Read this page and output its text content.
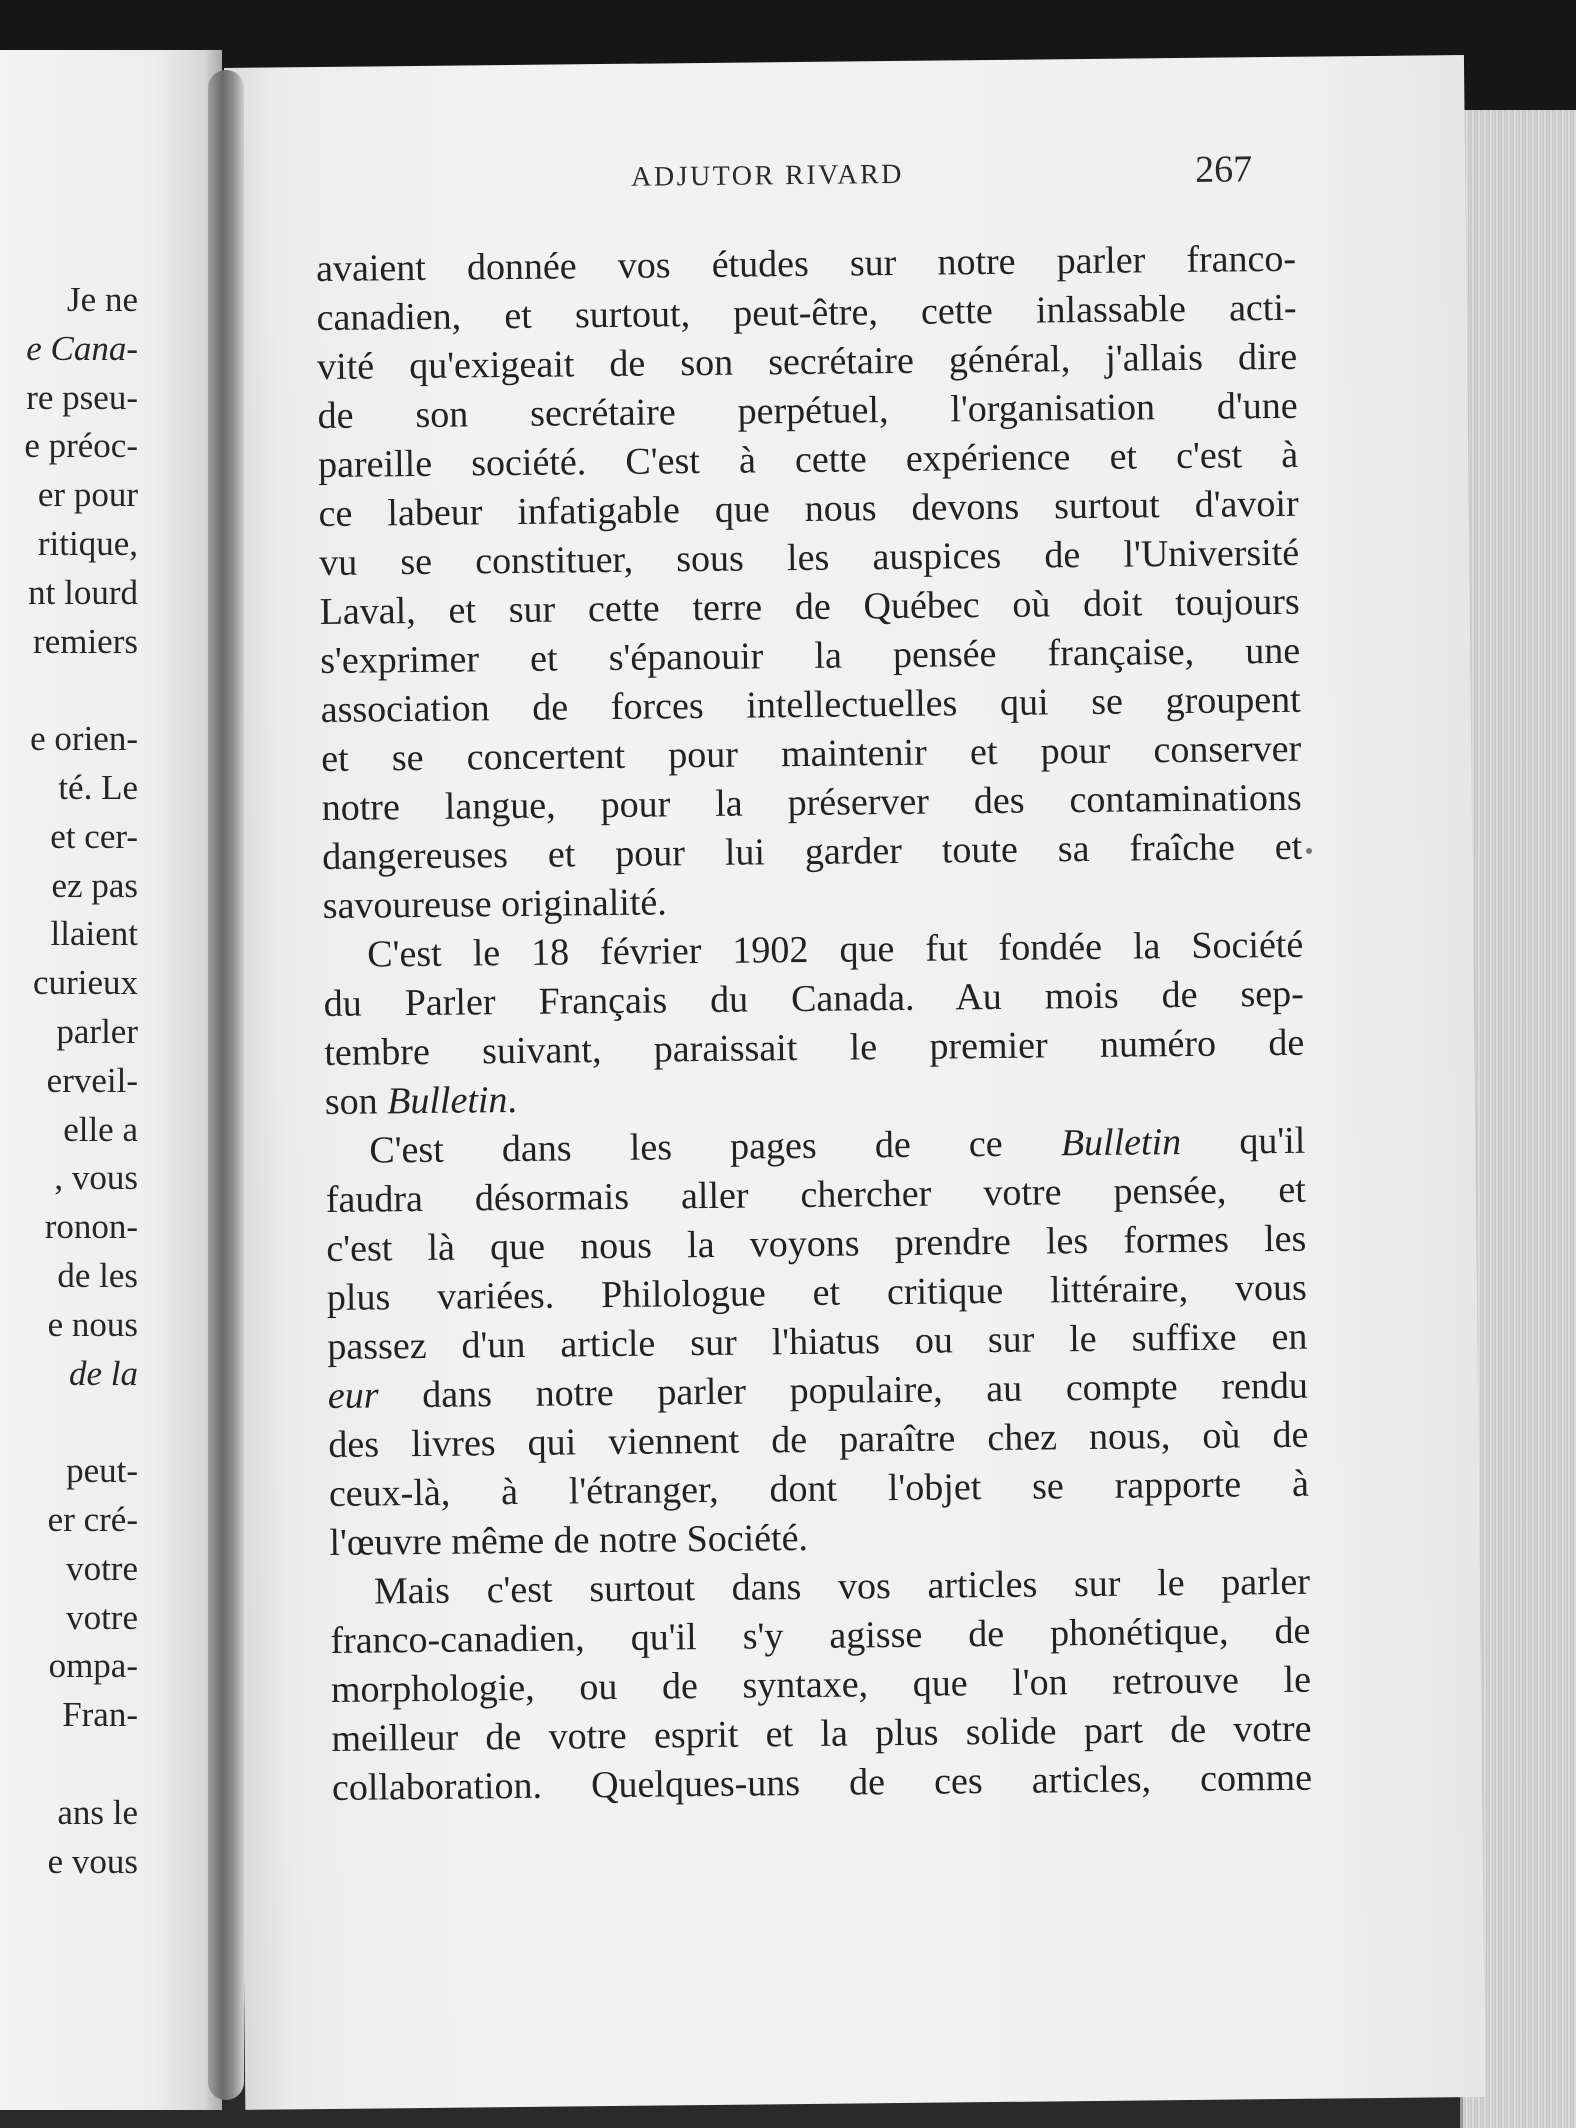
Je ne
e Cana-
re pseu-
e préoc-
er pour
ritique,
nt lourd
remiers
e orien-
té. Le
et cer-
ez pas
llaient
curieux
parler
erveil-
elle a
, vous
ronon-
de les
e nous
de la
peut-
er cré-
votre
votre
ompa-
Fran-
ans le
e vous
ADJUTOR RIVARD	267
avaient donnée vos études sur notre parler franco-
canadien, et surtout, peut-être, cette inlassable acti-
vité qu'exigeait de son secrétaire général, j'allais dire
de son secrétaire perpétuel, l'organisation d'une
pareille société. C'est à cette expérience et c'est à
ce labeur infatigable que nous devons surtout d'avoir
vu se constituer, sous les auspices de l'Université
Laval, et sur cette terre de Québec où doit toujours
s'exprimer et s'épanouir la pensée française, une
association de forces intellectuelles qui se groupent
et se concertent pour maintenir et pour conserver
notre langue, pour la préserver des contaminations
dangereuses et pour lui garder toute sa fraîche et
savoureuse originalité.
C'est le 18 février 1902 que fut fondée la Société
du Parler Français du Canada. Au mois de sep-
tembre suivant, paraissait le premier numéro de
son Bulletin.
C'est dans les pages de ce Bulletin qu'il
faudra désormais aller chercher votre pensée, et
c'est là que nous la voyons prendre les formes les
plus variées. Philologue et critique littéraire, vous
passez d'un article sur l'hiatus ou sur le suffixe en
eur dans notre parler populaire, au compte rendu
des livres qui viennent de paraître chez nous, où de
ceux-là, à l'étranger, dont l'objet se rapporte à
l'œuvre même de notre Société.
Mais c'est surtout dans vos articles sur le parler
franco-canadien, qu'il s'y agisse de phonétique, de
morphologie, ou de syntaxe, que l'on retrouve le
meilleur de votre esprit et la plus solide part de votre
collaboration. Quelques-uns de ces articles, comme
